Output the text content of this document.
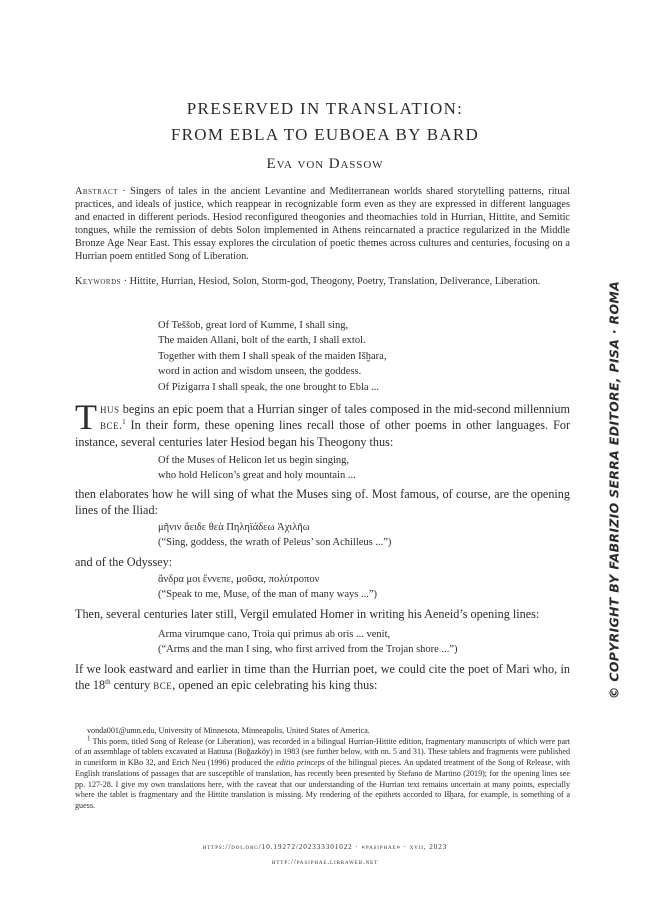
PRESERVED IN TRANSLATION:
FROM EBLA TO EUBOEA BY BARD
Eva von Dassow
Abstract · Singers of tales in the ancient Levantine and Mediterranean worlds shared storytelling patterns, ritual practices, and ideals of justice, which reappear in recognizable form even as they are expressed in different languages and enacted in different periods. Hesiod reconfigured theogonies and theomachies told in Hurrian, Hittite, and Semitic tongues, while the remission of debts Solon implemented in Athens reincarnated a practice regularized in the Middle Bronze Age Near East. This essay explores the circulation of poetic themes across cultures and centuries, focusing on a Hurrian poem entitled Song of Liberation.
Keywords · Hittite, Hurrian, Hesiod, Solon, Storm-god, Theogony, Poetry, Translation, Deliverance, Liberation.
Of Teššob, great lord of Kumme, I shall sing,
The maiden Allani, bolt of the earth, I shall extol.
Together with them I shall speak of the maiden Išḫara,
word in action and wisdom unseen, the goddess.
Of Pizigarra I shall speak, the one brought to Ebla ...
Thus begins an epic poem that a Hurrian singer of tales composed in the mid-second millennium bce.$^1$ In their form, these opening lines recall those of other poems in other languages. For instance, several centuries later Hesiod began his Theogony thus:
Of the Muses of Helicon let us begin singing,
who hold Helicon’s great and holy mountain ...
then elaborates how he will sing of what the Muses sing of. Most famous, of course, are the opening lines of the Iliad:
μῆνιν ἄειδε θεὰ Πηληϊάδεω Ἀχιλῆω
(“Sing, goddess, the wrath of Peleus’ son Achilleus ...”)
and of the Odyssey:
ἄνδρα μοι ἔννεπε, μοῦσα, πολύτροπον
(“Speak to me, Muse, of the man of many ways ...”)
Then, several centuries later still, Vergil emulated Homer in writing his Aeneid’s opening lines:
Arma virumque cano, Troia qui primus ab oris ... venit,
(“Arms and the man I sing, who first arrived from the Trojan shore ...”)
If we look eastward and earlier in time than the Hurrian poet, we could cite the poet of Mari who, in the 18th century bce, opened an epic celebrating his king thus:
vonda001@umn.edu, University of Minnesota, Minneapolis, United States of America.
$^1$ This poem, titled Song of Release (or Liberation), was recorded in a bilingual Hurrian-Hittite edition, fragmentary manuscripts of which were part of an assemblage of tablets excavated at Hattusa (Boğazköy) in 1983 (see further below, with nn. 5 and 31). These tablets and fragments were published in cuneiform in KBo 32, and Erich Neu (1996) produced the editio princeps of the bilingual pieces. An updated treatment of the Song of Release, with English translations of passages that are susceptible of translation, has recently been presented by Stefano de Martino (2019); for the opening lines see pp. 127-28. I give my own translations here, with the caveat that our understanding of the Hurrian text remains uncertain at many points, especially where the tablet is fragmentary and the Hittite translation is missing. My rendering of the epithets accorded to Išḫara, for example, is something of a guess.
https://doi.org/10.19272/202333301022 · «pasiphae» · xvii, 2023
http://pasiphae.libraweb.net
© COPYRIGHT BY FABRIZIO SERRA EDITORE, PISA · ROMA
